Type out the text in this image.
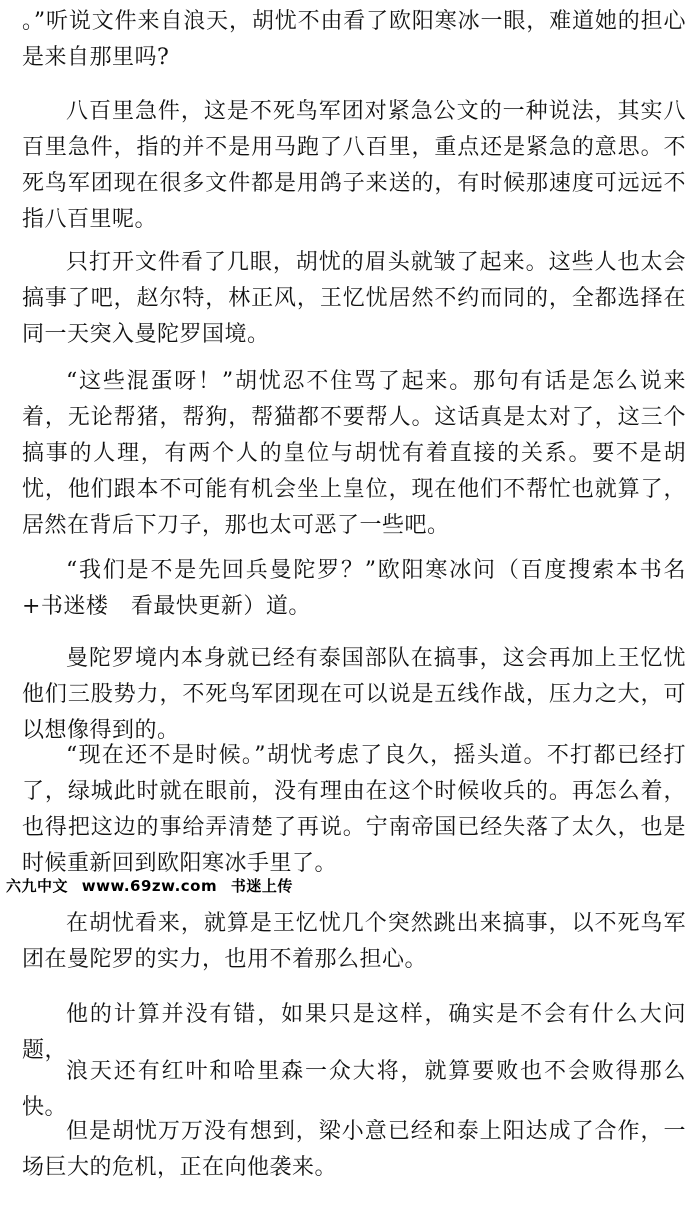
。”听说文件来自浪天，胡忧不由看了欧阳寒冰一眼，难道她的担心是来自那里吗?

八百里急件，这是不死鸟军团对紧急公文的一种说法，其实八百里急件，指的并不是用马跑了八百里，重点还是紧急的意思。不死鸟军团现在很多文件都是用鸽子来送的，有时候那速度可远远不指八百里呢。

只打开文件看了几眼，胡忧的眉头就皱了起来。这些人也太会搞事了吧，赵尔特，林正风，王忆忧居然不约而同的，全都选择在同一天突入曼陀罗国境。

“这些混蛋呀！”胡忧忍不住骂了起来。那句有话是怎么说来着，无论帮猪，帮狗，帮猫都不要帮人。这话真是太对了，这三个搞事的人理，有两个人的皇位与胡忧有着直接的关系。要不是胡忧，他们跟本不可能有机会坐上皇位，现在他们不帮忙也就算了，居然在背后下刀子，那也太可恶了一些吧。

“我们是不是先回兵曼陀罗？”欧阳寒冰问（百度搜索本书名+书迷楼　看最快更新）道。

曼陀罗境内本身就已经有泰国部队在搞事，这会再加上王忆忧他们三股势力，不死鸟军团现在可以说是五线作战，压力之大，可以想像得到的。

“现在还不是时候。”胡忧考虑了良久，摇头道。不打都已经打了，绿城此时就在眼前，没有理由在这个时候收兵的。再怎么着，也得把这边的事给弄清楚了再说。宁南帝国已经失落了太久，也是时候重新回到欧阳寒冰手里了。

六九中文 www.69zw.com 书迷上传

在胡忧看来，就算是王忆忧几个突然跳出来搞事，以不死鸟军团在曼陀罗的实力，也用不着那么担心。

他的计算并没有错，如果只是这样，确实是不会有什么大问题，

浪天还有红叶和哈里森一众大将，就算要败也不会败得那么快。

但是胡忧万万没有想到，梁小意已经和泰上阳达成了合作，一场巨大的危机，正在向他袭来。
